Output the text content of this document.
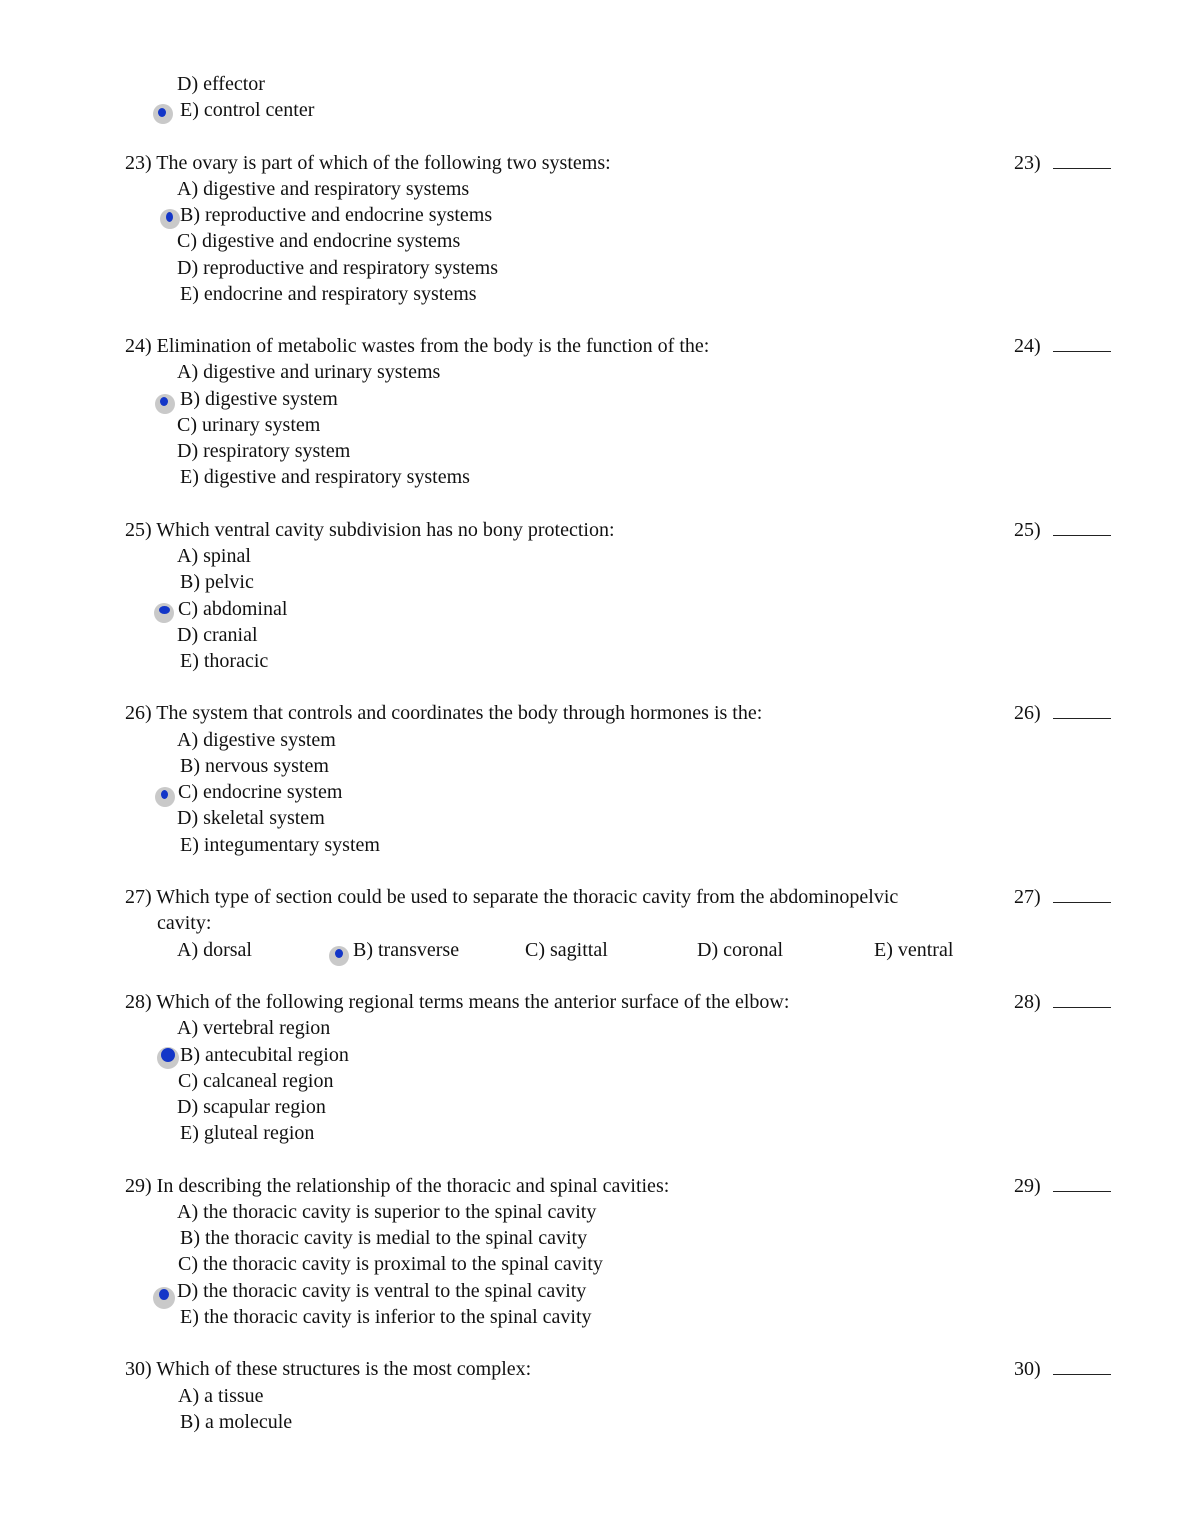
D) effector
E) control center
23) The ovary is part of which of the following two systems:	23)
A) digestive and respiratory systems
B) reproductive and endocrine systems
C) digestive and endocrine systems
D) reproductive and respiratory systems
E) endocrine and respiratory systems
24) Elimination of metabolic wastes from the body is the function of the:	24)
A) digestive and urinary systems
B) digestive system
C) urinary system
D) respiratory system
E) digestive and respiratory systems
25) Which ventral cavity subdivision has no bony protection:	25)
A) spinal
B) pelvic
C) abdominal
D) cranial
E) thoracic
26) The system that controls and coordinates the body through hormones is the:	26)
A) digestive system
B) nervous system
C) endocrine system
D) skeletal system
E) integumentary system
27) Which type of section could be used to separate the thoracic cavity from the abdominopelvic
cavity:
27)
A) dorsal	B) transverse	C) sagittal	D) coronal	E) ventral
28) Which of the following regional terms means the anterior surface of the elbow:	28)
A) vertebral region
B) antecubital region
C) calcaneal region
D) scapular region
E) gluteal region
29) In describing the relationship of the thoracic and spinal cavities:	29)
A) the thoracic cavity is superior to the spinal cavity
B) the thoracic cavity is medial to the spinal cavity
C) the thoracic cavity is proximal to the spinal cavity
D) the thoracic cavity is ventral to the spinal cavity
E) the thoracic cavity is inferior to the spinal cavity
30) Which of these structures is the most complex:	30)
A) a tissue
B) a molecule
